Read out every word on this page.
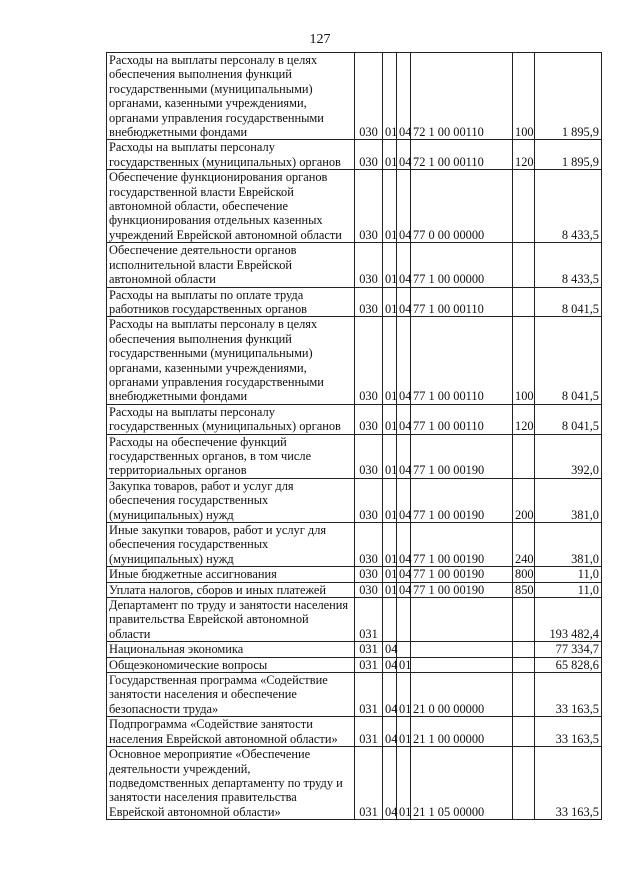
127
Расходы на выплаты персоналу в целях обеспечения выполнения функций государственными (муниципальными) органами, казенными учреждениями, органами управления государственными внебюджетными фондами	030	01	04	72 1 00 00110	100	1 895,9
Расходы на выплаты персоналу государственных (муниципальных) органов	030	01	04	72 1 00 00110	120	1 895,9
Обеспечение функционирования органов государственной власти Еврейской автономной области, обеспечение функционирования отдельных казенных учреждений Еврейской автономной области	030	01	04	77 0 00 00000		8 433,5
Обеспечение деятельности органов исполнительной власти Еврейской автономной области	030	01	04	77 1 00 00000		8 433,5
Расходы на выплаты по оплате труда работников государственных органов	030	01	04	77 1 00 00110		8 041,5
Расходы на выплаты персоналу в целях обеспечения выполнения функций государственными (муниципальными) органами, казенными учреждениями, органами управления государственными внебюджетными фондами	030	01	04	77 1 00 00110	100	8 041,5
Расходы на выплаты персоналу государственных (муниципальных) органов	030	01	04	77 1 00 00110	120	8 041,5
Расходы на обеспечение функций государственных органов, в том числе территориальных органов	030	01	04	77 1 00 00190		392,0
Закупка товаров, работ и услуг для обеспечения государственных (муниципальных) нужд	030	01	04	77 1 00 00190	200	381,0
Иные закупки товаров, работ и услуг для обеспечения государственных (муниципальных) нужд	030	01	04	77 1 00 00190	240	381,0
Иные бюджетные ассигнования	030	01	04	77 1 00 00190	800	11,0
Уплата налогов, сборов и иных платежей	030	01	04	77 1 00 00190	850	11,0
Департамент по труду и занятости населения правительства Еврейской автономной области	031					193 482,4
Национальная экономика	031	04				77 334,7
Общеэкономические вопросы	031	04	01			65 828,6
Государственная программа «Содействие занятости населения и обеспечение безопасности труда»	031	04	01	21 0 00 00000		33 163,5
Подпрограмма «Содействие занятости населения Еврейской автономной области»	031	04	01	21 1 00 00000		33 163,5
Основное мероприятие «Обеспечение деятельности учреждений, подведомственных департаменту по труду и занятости населения правительства Еврейской автономной области»	031	04	01	21 1 05 00000		33 163,5
